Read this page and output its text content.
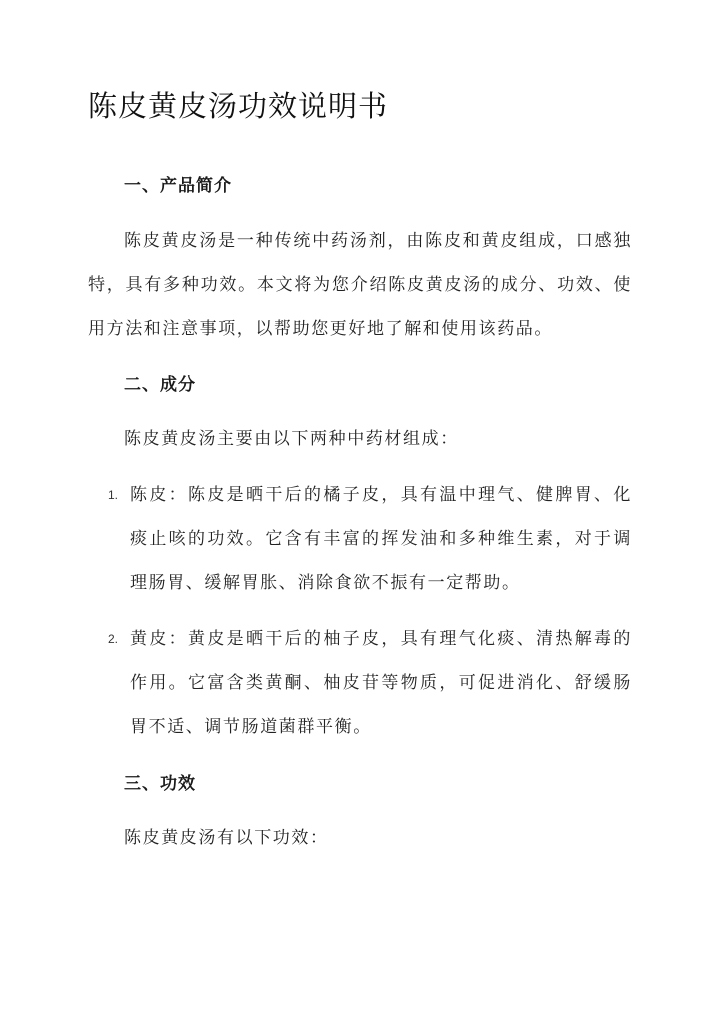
陈皮黄皮汤功效说明书
一、产品简介
陈皮黄皮汤是一种传统中药汤剂，由陈皮和黄皮组成，口感独特，具有多种功效。本文将为您介绍陈皮黄皮汤的成分、功效、使用方法和注意事项，以帮助您更好地了解和使用该药品。
二、成分
陈皮黄皮汤主要由以下两种中药材组成：
1. 陈皮：陈皮是晒干后的橘子皮，具有温中理气、健脾胃、化痰止咳的功效。它含有丰富的挥发油和多种维生素，对于调理肠胃、缓解胃胀、消除食欲不振有一定帮助。
2. 黄皮：黄皮是晒干后的柚子皮，具有理气化痰、清热解毒的作用。它富含类黄酮、柚皮苷等物质，可促进消化、舒缓肠胃不适、调节肠道菌群平衡。
三、功效
陈皮黄皮汤有以下功效：
